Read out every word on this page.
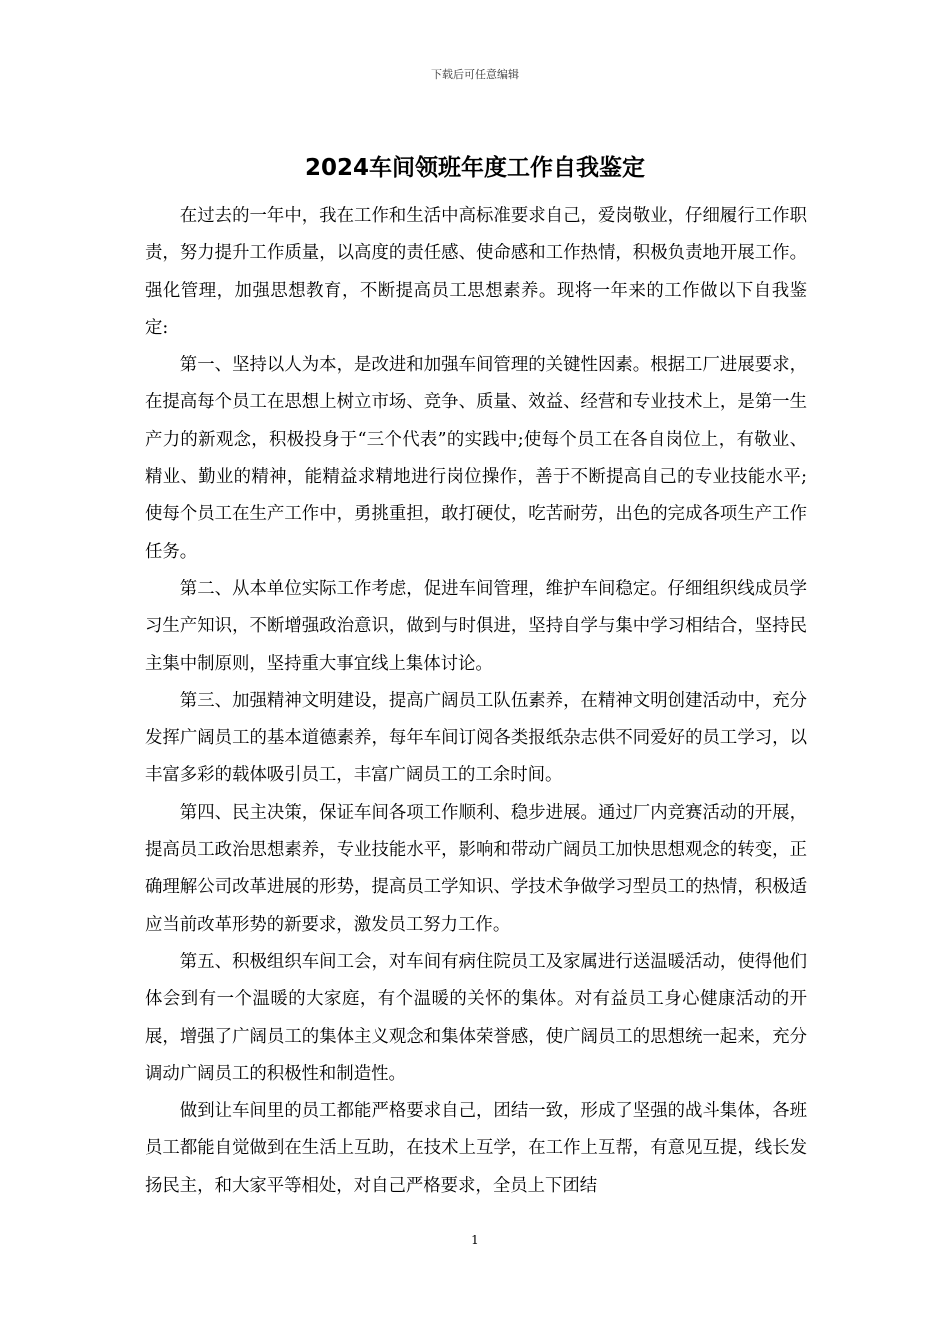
下载后可任意编辑
2024车间领班年度工作自我鉴定

在过去的一年中，我在工作和生活中高标准要求自己，爱岗敬业，仔细履行工作职责，努力提升工作质量，以高度的责任感、使命感和工作热情，积极负责地开展工作。强化管理，加强思想教育，不断提高员工思想素养。现将一年来的工作做以下自我鉴定:

第一、坚持以人为本，是改进和加强车间管理的关键性因素。根据工厂进展要求，在提高每个员工在思想上树立市场、竞争、质量、效益、经营和专业技术上，是第一生产力的新观念，积极投身于“三个代表”的实践中;使每个员工在各自岗位上，有敬业、精业、勤业的精神，能精益求精地进行岗位操作，善于不断提高自己的专业技能水平;使每个员工在生产工作中，勇挑重担，敢打硬仗，吃苦耐劳，出色的完成各项生产工作任务。

第二、从本单位实际工作考虑，促进车间管理，维护车间稳定。仔细组织线成员学习生产知识，不断增强政治意识，做到与时俱进，坚持自学与集中学习相结合，坚持民主集中制原则，坚持重大事宜线上集体讨论。

第三、加强精神文明建设，提高广阔员工队伍素养，在精神文明创建活动中，充分发挥广阔员工的基本道德素养，每年车间订阅各类报纸杂志供不同爱好的员工学习，以丰富多彩的载体吸引员工，丰富广阔员工的工余时间。

第四、民主决策，保证车间各项工作顺利、稳步进展。通过厂内竞赛活动的开展，提高员工政治思想素养，专业技能水平，影响和带动广阔员工加快思想观念的转变，正确理解公司改革进展的形势，提高员工学知识、学技术争做学习型员工的热情，积极适应当前改革形势的新要求，激发员工努力工作。

第五、积极组织车间工会，对车间有病住院员工及家属进行送温暖活动，使得他们体会到有一个温暖的大家庭，有个温暖的关怀的集体。对有益员工身心健康活动的开展，增强了广阔员工的集体主义观念和集体荣誉感，使广阔员工的思想统一起来，充分调动广阔员工的积极性和制造性。

做到让车间里的员工都能严格要求自己，团结一致，形成了坚强的战斗集体，各班员工都能自觉做到在生活上互助，在技术上互学，在工作上互帮，有意见互提，线长发扬民主，和大家平等相处，对自己严格要求，全员上下团结

1
